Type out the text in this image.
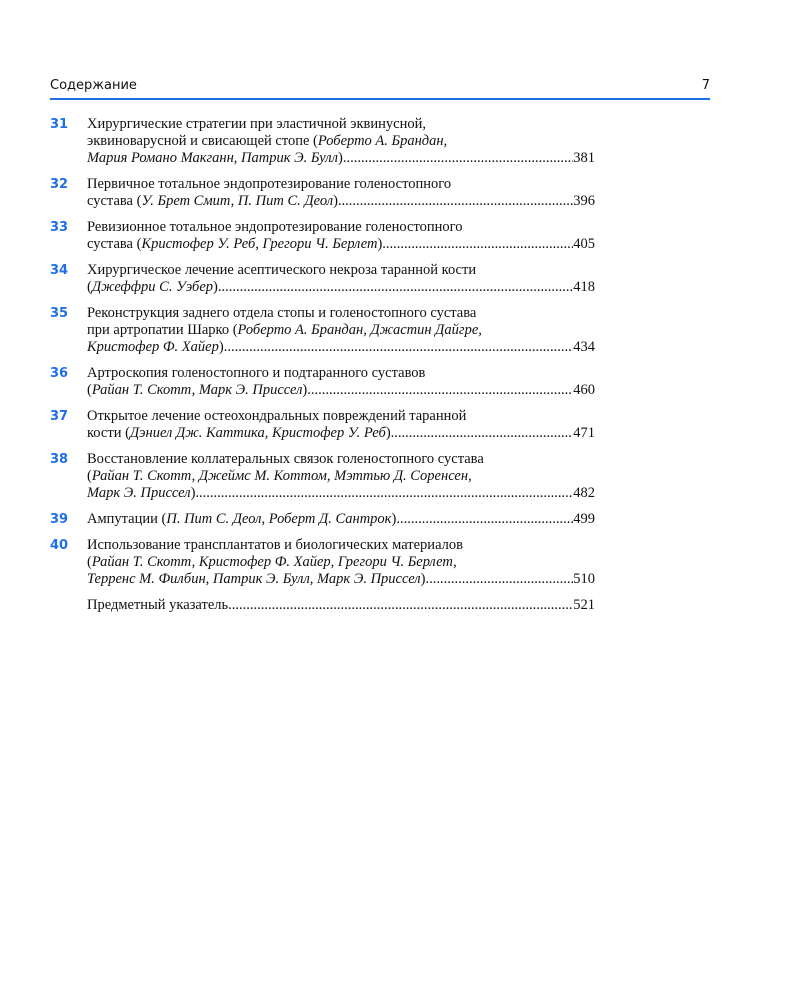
Содержание	7
31 Хирургические стратегии при эластичной эквинусной,
эквиноварусной и свисающей стопе (Роберто А. Брандан,
Мария Романо Макганн, Патрик Э. Булл ) .....	381
32 Первичное тотальное эндопротезирование голеностопного
сустава ( У. Брет Смит, П. Пит С. Деол ) .....	396
33 Ревизионное тотальное эндопротезирование голеностопного
сустава ( Кристофер У. Реб, Грегори Ч. Берлет ) .....	405
34 Хирургическое лечение асептического некроза таранной кости
( Джеффри С. Уэбер ) .....	418
35 Реконструкция заднего отдела стопы и голеностопного сустава
при артропатии Шарко (Роберто А. Брандан, Джастин Дайгре,
Кристофер Ф. Хайер ) .....	434
36 Артроскопия голеностопного и подтаранного суставов
( Райан Т. Скотт, Марк Э. Приссел ) .....	460
37 Открытое лечение остеохондральных повреждений таранной
кости ( Дэниел Дж. Каттика, Кристофер У. Реб ) .....	471
38 Восстановление коллатеральных связок голеностопного сустава
(Райан Т. Скотт, Джеймс М. Коттом, Мэттью Д. Соренсен,
Марк Э. Приссел ) .....	482
39 Ампутации ( П. Пит С. Деол, Роберт Д. Сантрок ) .....	499
40 Использование трансплантатов и биологических материалов
(Райан Т. Скотт, Кристофер Ф. Хайер, Грегори Ч. Берлет,
Терренс М. Филбин, Патрик Э. Булл, Марк Э. Приссел ) .....	510
Предметный указатель .....	521
